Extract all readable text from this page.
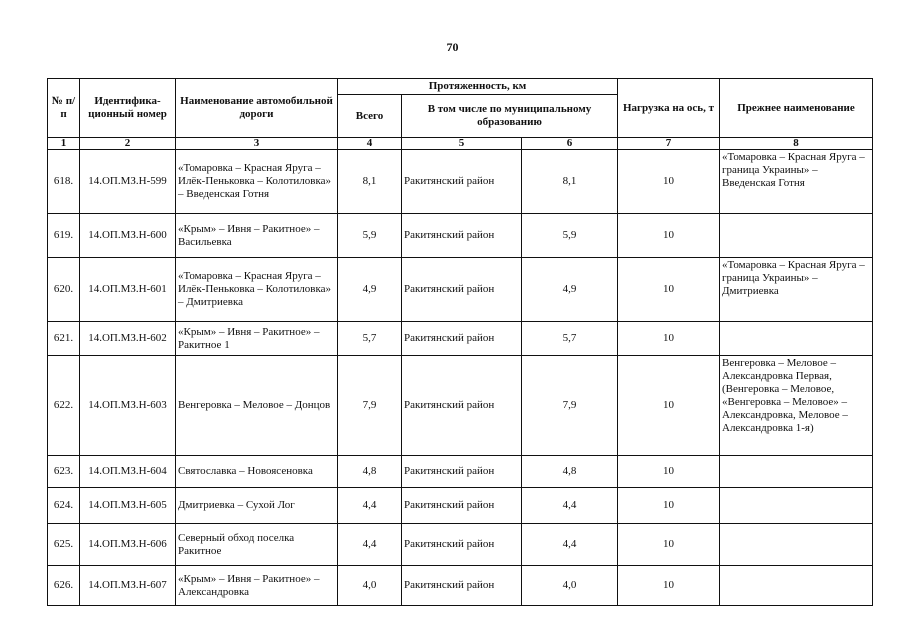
70
№ п/п	Идентифика-ционный номер	Наименование автомобильной дороги	Протяженность, км			Нагрузка на ось, т	Прежнее наименование
			Всего	В том числе по муниципальному образованию			
1	2	3	4	5	6	7	8
618.	14.ОП.МЗ.Н-599	«Томаровка – Красная Яруга – Илёк-Пеньковка – Колотиловка» – Введенская Готня	8,1	Ракитянский район	8,1	10	«Томаровка – Красная Яруга – граница Украины» – Введенская Готня
619.	14.ОП.МЗ.Н-600	«Крым» – Ивня – Ракитное» – Васильевка	5,9	Ракитянский район	5,9	10	
620.	14.ОП.МЗ.Н-601	«Томаровка – Красная Яруга – Илёк-Пеньковка – Колотиловка» – Дмитриевка	4,9	Ракитянский район	4,9	10	«Томаровка – Красная Яруга – граница Украины» – Дмитриевка
621.	14.ОП.МЗ.Н-602	«Крым» – Ивня – Ракитное» – Ракитное 1	5,7	Ракитянский район	5,7	10	
622.	14.ОП.МЗ.Н-603	Венгеровка – Меловое – Донцов	7,9	Ракитянский район	7,9	10	Венгеровка – Меловое – Александровка Первая, (Венгеровка – Меловое, «Венгеровка – Меловое» – Александровка, Меловое – Александровка 1-я)
623.	14.ОП.МЗ.Н-604	Святославка – Новоясеновка	4,8	Ракитянский район	4,8	10	
624.	14.ОП.МЗ.Н-605	Дмитриевка – Сухой Лог	4,4	Ракитянский район	4,4	10	
625.	14.ОП.МЗ.Н-606	Северный обход поселка Ракитное	4,4	Ракитянский район	4,4	10	
626.	14.ОП.МЗ.Н-607	«Крым» – Ивня – Ракитное» – Александровка	4,0	Ракитянский район	4,0	10	
